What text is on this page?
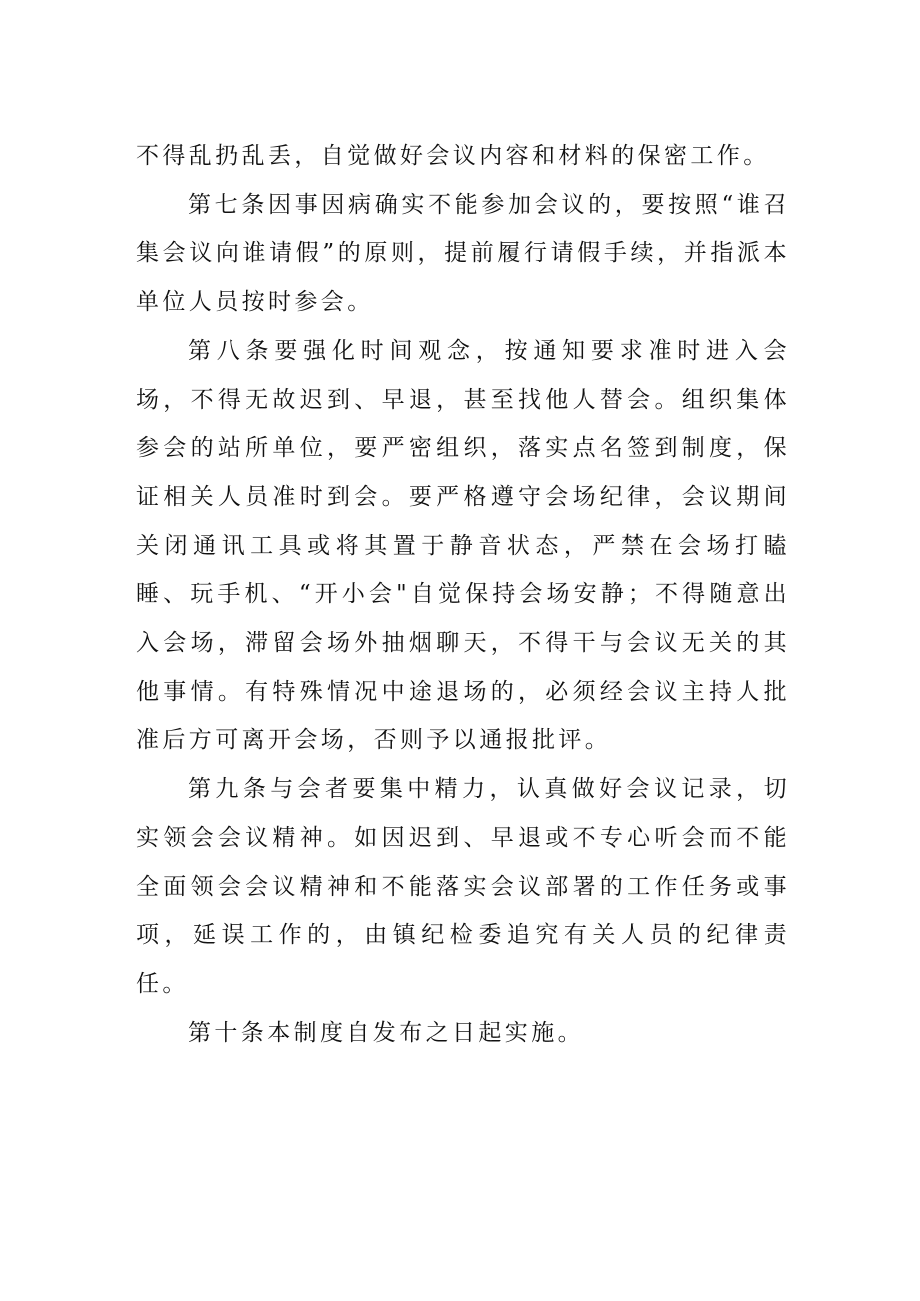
不得乱扔乱丢，自觉做好会议内容和材料的保密工作。

第七条因事因病确实不能参加会议的，要按照“谁召集会议向谁请假”的原则，提前履行请假手续，并指派本单位人员按时参会。

第八条要强化时间观念，按通知要求准时进入会场，不得无故迟到、早退，甚至找他人替会。组织集体参会的站所单位，要严密组织，落实点名签到制度，保证相关人员准时到会。要严格遵守会场纪律，会议期间关闭通讯工具或将其置于静音状态，严禁在会场打瞌睡、玩手机、“开小会"自觉保持会场安静；不得随意出入会场，滞留会场外抽烟聊天，不得干与会议无关的其他事情。有特殊情况中途退场的，必须经会议主持人批准后方可离开会场，否则予以通报批评。

第九条与会者要集中精力，认真做好会议记录，切实领会会议精神。如因迟到、早退或不专心听会而不能全面领会会议精神和不能落实会议部署的工作任务或事项，延误工作的，由镇纪检委追究有关人员的纪律责任。

第十条本制度自发布之日起实施。
